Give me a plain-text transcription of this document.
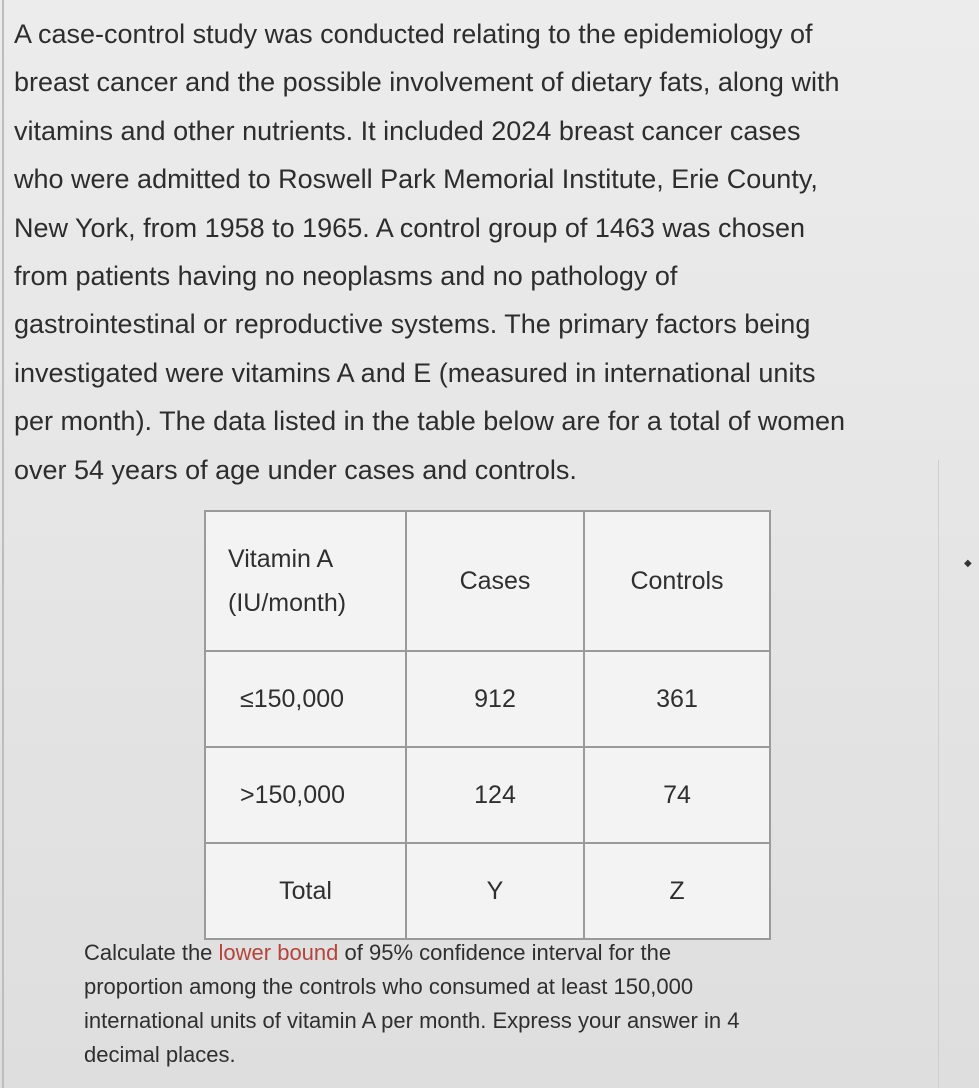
◆
A case-control study was conducted relating to the epidemiology of
breast cancer and the possible involvement of dietary fats, along with
vitamins and other nutrients. It included 2024 breast cancer cases
who were admitted to Roswell Park Memorial Institute, Erie County,
New York, from 1958 to 1965. A control group of 1463 was chosen
from patients having no neoplasms and no pathology of
gastrointestinal or reproductive systems. The primary factors being
investigated were vitamins A and E (measured in international units
per month). The data listed in the table below are for a total of women
over 54 years of age under cases and controls.
Vitamin A
(IU/month)	Cases	Controls
≤150,000	912	361
>150,000	124	74
Total	Y	Z
Calculate the lower bound of 95% confidence interval for the
proportion among the controls who consumed at least 150,000
international units of vitamin A per month. Express your answer in 4
decimal places.
